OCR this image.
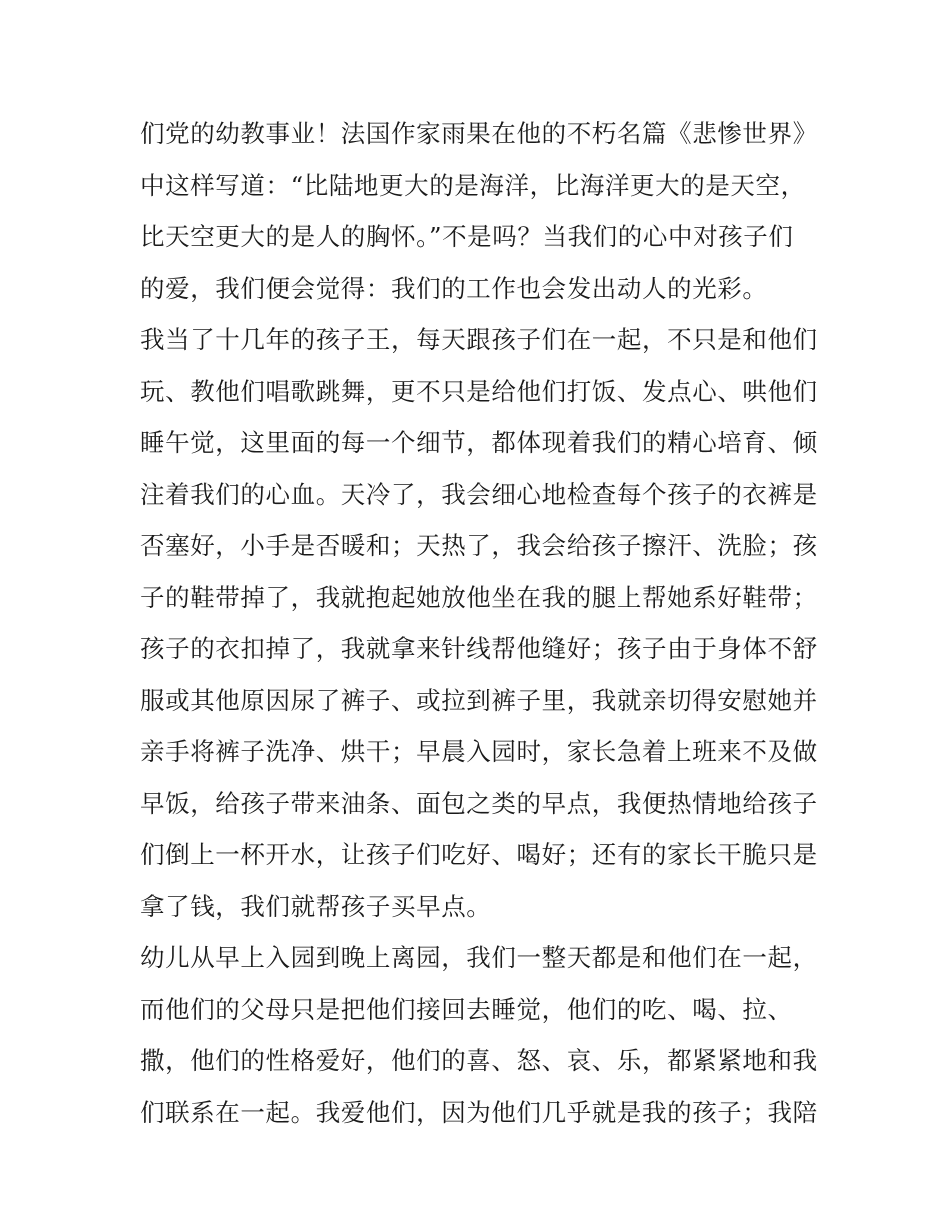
们党的幼教事业！法国作家雨果在他的不朽名篇《悲惨世界》
中这样写道：“比陆地更大的是海洋，比海洋更大的是天空，
比天空更大的是人的胸怀。”不是吗？当我们的心中对孩子们
的爱，我们便会觉得：我们的工作也会发出动人的光彩。
我当了十几年的孩子王，每天跟孩子们在一起，不只是和他们
玩、教他们唱歌跳舞，更不只是给他们打饭、发点心、哄他们
睡午觉，这里面的每一个细节，都体现着我们的精心培育、倾
注着我们的心血。天冷了，我会细心地检查每个孩子的衣裤是
否塞好，小手是否暖和；天热了，我会给孩子擦汗、洗脸；孩
子的鞋带掉了，我就抱起她放他坐在我的腿上帮她系好鞋带；
孩子的衣扣掉了，我就拿来针线帮他缝好；孩子由于身体不舒
服或其他原因尿了裤子、或拉到裤子里，我就亲切得安慰她并
亲手将裤子洗净、烘干；早晨入园时，家长急着上班来不及做
早饭，给孩子带来油条、面包之类的早点，我便热情地给孩子
们倒上一杯开水，让孩子们吃好、喝好；还有的家长干脆只是
拿了钱，我们就帮孩子买早点。
幼儿从早上入园到晚上离园，我们一整天都是和他们在一起，
而他们的父母只是把他们接回去睡觉，他们的吃、喝、拉、
撒，他们的性格爱好，他们的喜、怒、哀、乐，都紧紧地和我
们联系在一起。我爱他们，因为他们几乎就是我的孩子；我陪
